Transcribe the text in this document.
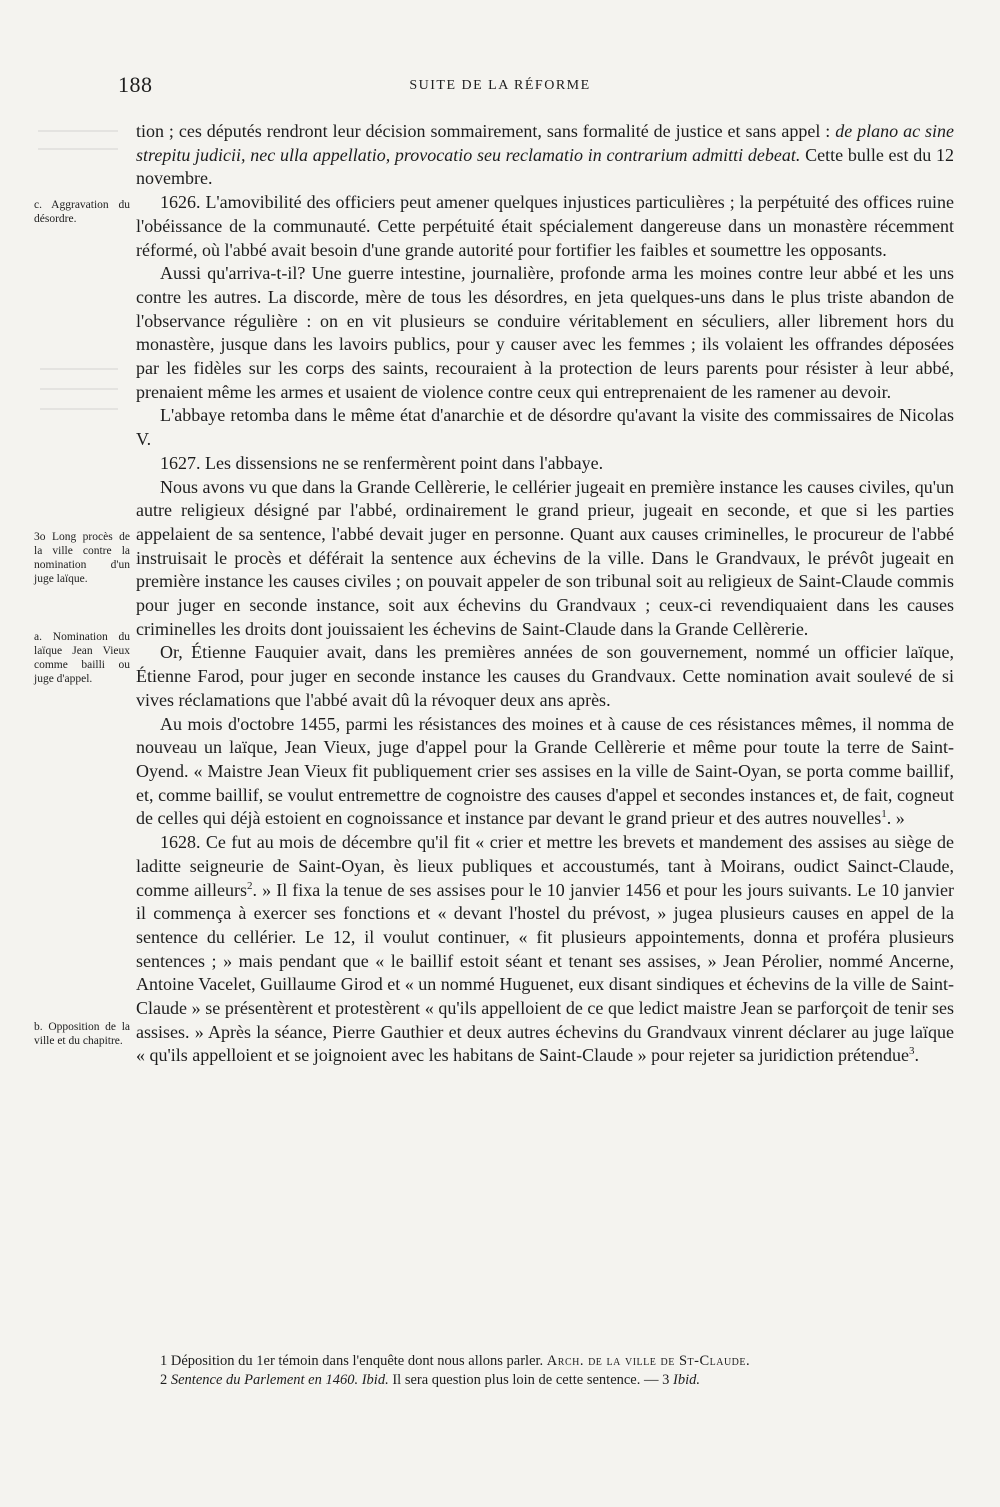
188	SUITE DE LA RÉFORME
c. Aggravation du désordre.
3o Long procès de la ville contre la nomination d'un juge laïque.
a. Nomination du laïque Jean Vieux comme bailli ou juge d'appel.
b. Opposition de la ville et du chapitre.

tion ; ces députés rendront leur décision sommairement, sans formalité de justice et sans appel : de plano ac sine strepitu judicii, nec ulla appellatio, provocatio seu reclamatio in contrarium admitti debeat. Cette bulle est du 12 novembre.

1626. L'amovibilité des officiers peut amener quelques injustices particulières ; la perpétuité des offices ruine l'obéissance de la communauté. Cette perpétuité était spécialement dangereuse dans un monastère récemment réformé, où l'abbé avait besoin d'une grande autorité pour fortifier les faibles et soumettre les opposants.

Aussi qu'arriva-t-il? Une guerre intestine, journalière, profonde arma les moines contre leur abbé et les uns contre les autres. La discorde, mère de tous les désordres, en jeta quelques-uns dans le plus triste abandon de l'observance régulière : on en vit plusieurs se conduire véritablement en séculiers, aller librement hors du monastère, jusque dans les lavoirs publics, pour y causer avec les femmes ; ils volaient les offrandes déposées par les fidèles sur les corps des saints, recouraient à la protection de leurs parents pour résister à leur abbé, prenaient même les armes et usaient de violence contre ceux qui entreprenaient de les ramener au devoir.

L'abbaye retomba dans le même état d'anarchie et de désordre qu'avant la visite des commissaires de Nicolas V.

1627. Les dissensions ne se renfermèrent point dans l'abbaye.

Nous avons vu que dans la Grande Cellèrerie, le cellérier jugeait en première instance les causes civiles, qu'un autre religieux désigné par l'abbé, ordinairement le grand prieur, jugeait en seconde, et que si les parties appelaient de sa sentence, l'abbé devait juger en personne. Quant aux causes criminelles, le procureur de l'abbé instruisait le procès et déférait la sentence aux échevins de la ville. Dans le Grandvaux, le prévôt jugeait en première instance les causes civiles ; on pouvait appeler de son tribunal soit au religieux de Saint-Claude commis pour juger en seconde instance, soit aux échevins du Grandvaux ; ceux-ci revendiquaient dans les causes criminelles les droits dont jouissaient les échevins de Saint-Claude dans la Grande Cellèrerie.

Or, Étienne Fauquier avait, dans les premières années de son gouvernement, nommé un officier laïque, Étienne Farod, pour juger en seconde instance les causes du Grandvaux. Cette nomination avait soulevé de si vives réclamations que l'abbé avait dû la révoquer deux ans après.

Au mois d'octobre 1455, parmi les résistances des moines et à cause de ces résistances mêmes, il nomma de nouveau un laïque, Jean Vieux, juge d'appel pour la Grande Cellèrerie et même pour toute la terre de Saint-Oyend. « Maistre Jean Vieux fit publiquement crier ses assises en la ville de Saint-Oyan, se porta comme baillif, et, comme baillif, se voulut entremettre de cognoistre des causes d'appel et secondes instances et, de fait, cogneut de celles qui déjà estoient en cognoissance et instance par devant le grand prieur et des autres nouvelles$^1$. »

1628. Ce fut au mois de décembre qu'il fit « crier et mettre les brevets et mandement des assises au siège de laditte seigneurie de Saint-Oyan, ès lieux publiques et accoustumés, tant à Moirans, oudict Sainct-Claude, comme ailleurs$^2$. » Il fixa la tenue de ses assises pour le 10 janvier 1456 et pour les jours suivants. Le 10 janvier il commença à exercer ses fonctions et « devant l'hostel du prévost, » jugea plusieurs causes en appel de la sentence du cellérier. Le 12, il voulut continuer, « fit plusieurs appointements, donna et proféra plusieurs sentences ; » mais pendant que « le baillif estoit séant et tenant ses assises, » Jean Pérolier, nommé Ancerne, Antoine Vacelet, Guillaume Girod et « un nommé Huguenet, eux disant sindiques et échevins de la ville de Saint-Claude » se présentèrent et protestèrent « qu'ils appelloient de ce que ledict maistre Jean se parforçoit de tenir ses assises. » Après la séance, Pierre Gauthier et deux autres échevins du Grandvaux vinrent déclarer au juge laïque « qu'ils appelloient et se joignoient avec les habitans de Saint-Claude » pour rejeter sa juridiction prétendue$^3$.

1 Déposition du 1er témoin dans l'enquête dont nous allons parler. Arch. de la ville de St-Claude.

2 Sentence du Parlement en 1460. Ibid. Il sera question plus loin de cette sentence. — 3 Ibid.
